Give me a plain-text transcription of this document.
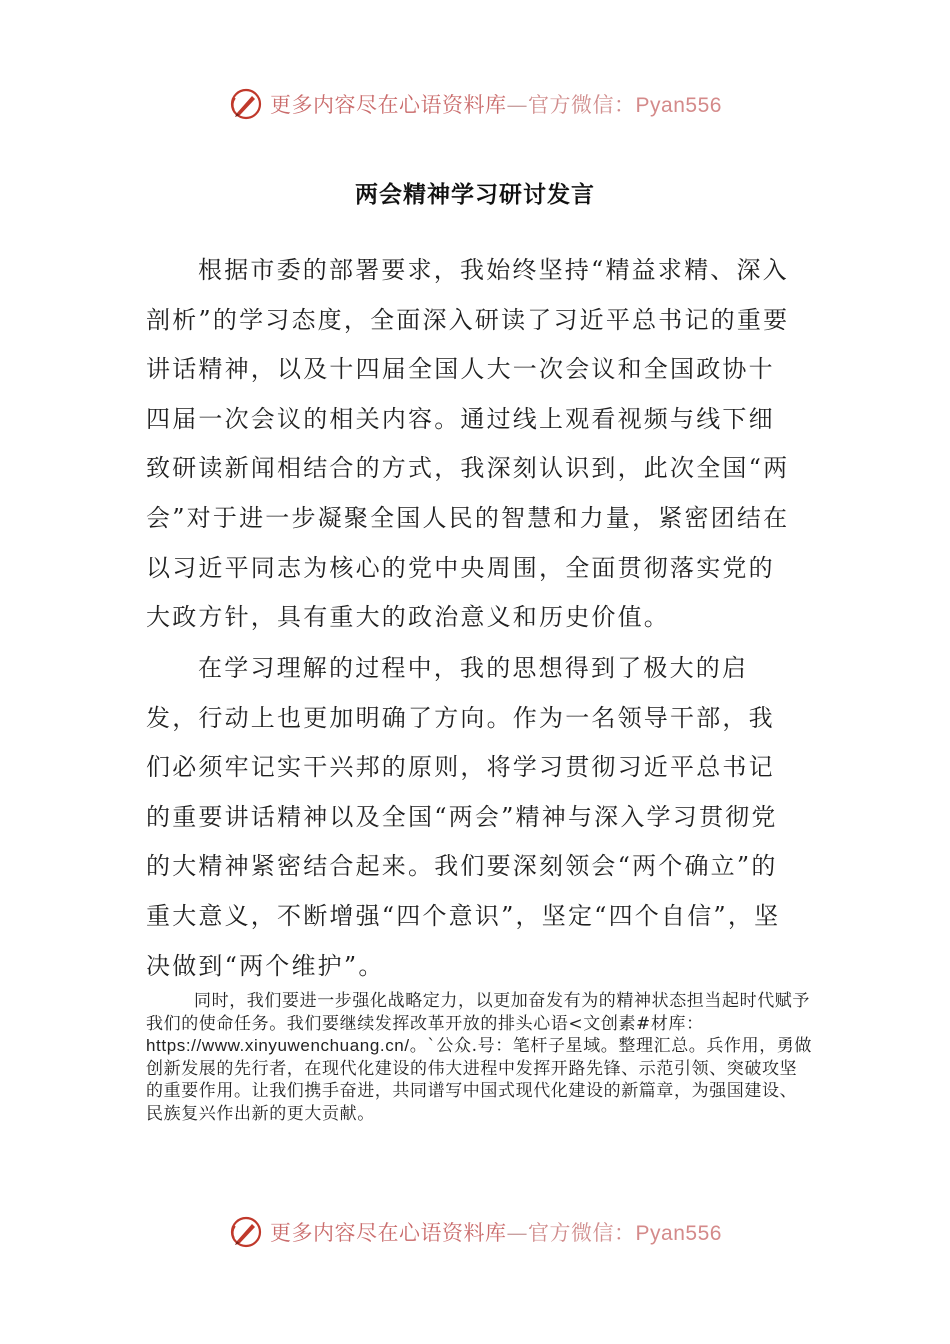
更多内容尽在心语资料库—官方微信：Pyan556
两会精神学习研讨发言

根据市委的部署要求，我始终坚持“精益求精、深入剖析”的学习态度，全面深入研读了习近平总书记的重要讲话精神，以及十四届全国人大一次会议和全国政协十四届一次会议的相关内容。通过线上观看视频与线下细致研读新闻相结合的方式，我深刻认识到，此次全国“两会”对于进一步凝聚全国人民的智慧和力量，紧密团结在以习近平同志为核心的党中央周围，全面贯彻落实党的大政方针，具有重大的政治意义和历史价值。

在学习理解的过程中，我的思想得到了极大的启发，行动上也更加明确了方向。作为一名领导干部，我们必须牢记实干兴邦的原则，将学习贯彻习近平总书记的重要讲话精神以及全国“两会”精神与深入学习贯彻党的大精神紧密结合起来。我们要深刻领会“两个确立”的重大意义，不断增强“四个意识”，坚定“四个自信”，坚决做到“两个维护”。

同时，我们要进一步强化战略定力，以更加奋发有为的精神状态担当起时代赋予我们的使命任务。我们要继续发挥改革开放的排头心语<文创素#材库：https://www.xinyuwenchuang.cn/。`公众.号：笔杆子星域。整理汇总。兵作用，勇做创新发展的先行者，在现代化建设的伟大进程中发挥开路先锋、示范引领、突破攻坚的重要作用。让我们携手奋进，共同谱写中国式现代化建设的新篇章，为强国建设、民族复兴作出新的更大贡献。

更多内容尽在心语资料库—官方微信：Pyan556
